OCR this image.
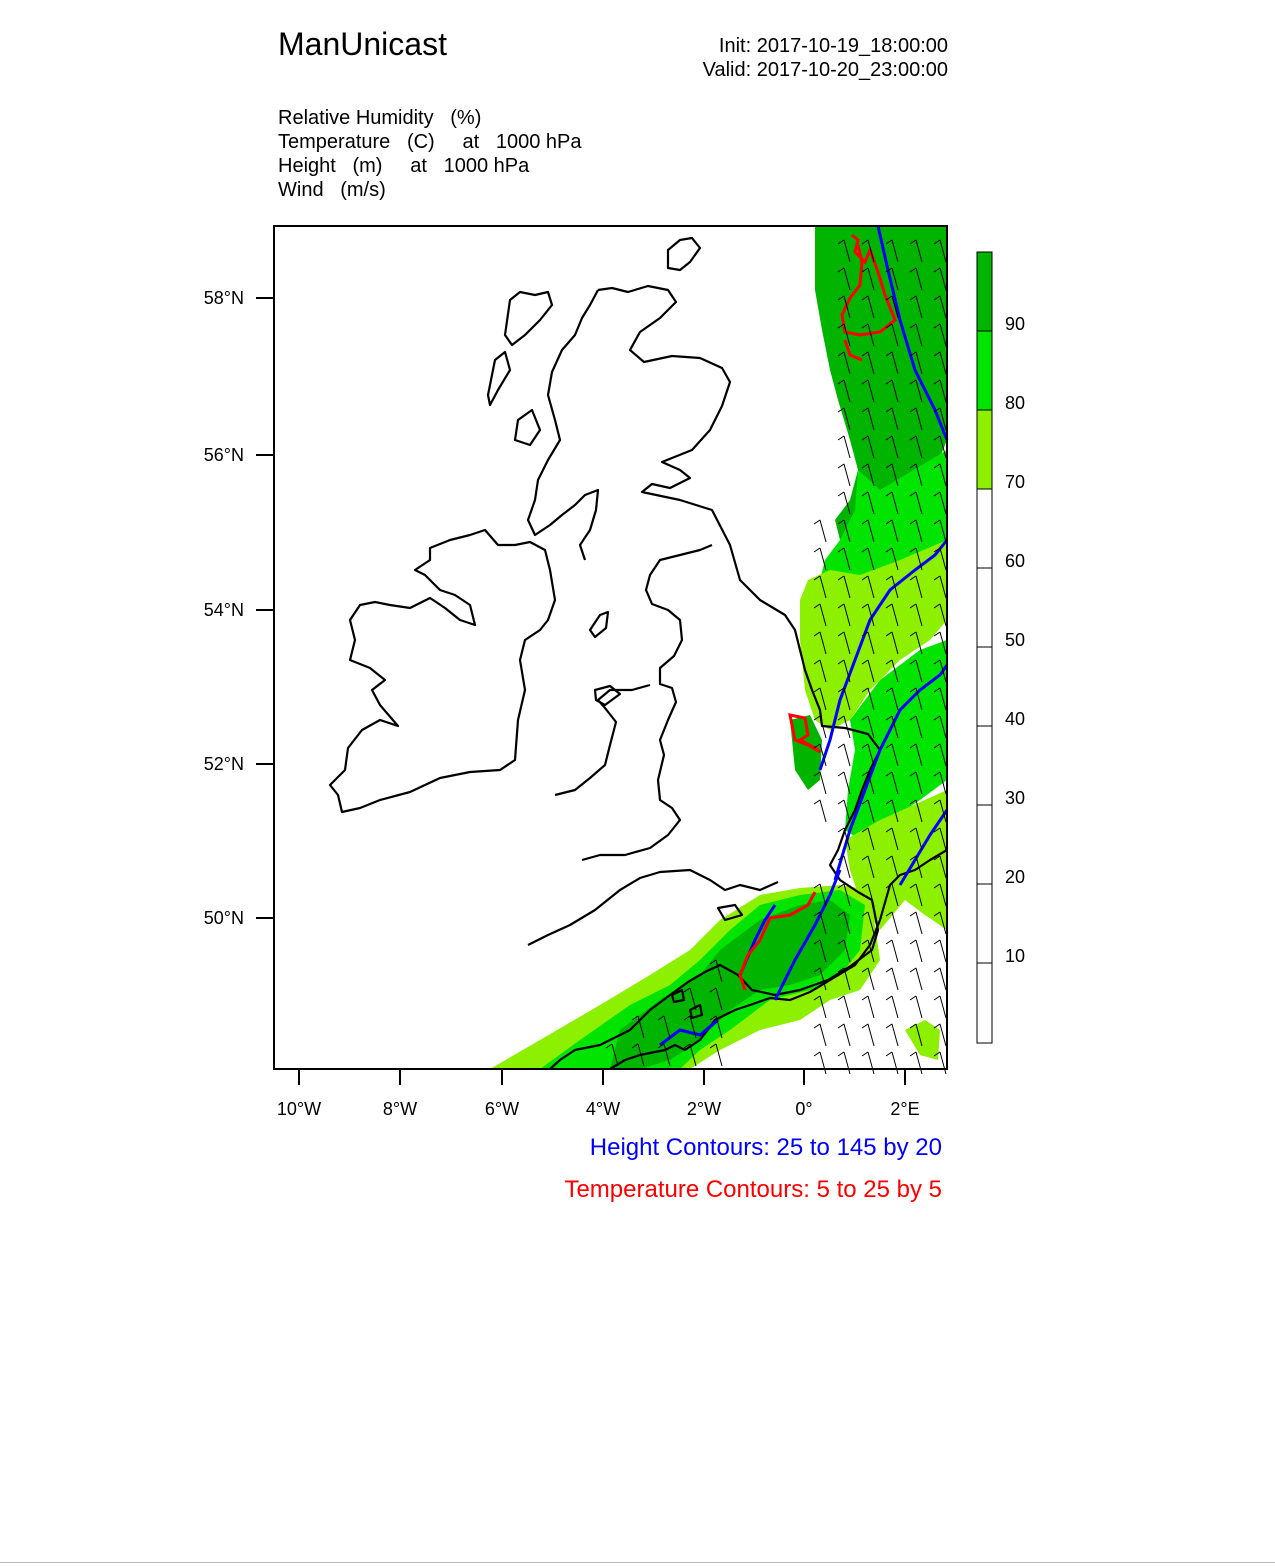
ManUnicast	Init: 2017-10-19_18:00:00
Valid: 2017-10-20_23:00:00
Relative Humidity   (%)
Temperature   (C)     at   1000 hPa
Height   (m)     at   1000 hPa
Wind   (m/s)
58°N
56°N
54°N
52°N
50°N
10°W	8°W	6°W	4°W	2°W	0°	2°E
90
80
70
60
50
40
30
20
10
Height Contours: 25 to 145 by 20
Temperature Contours: 5 to 25 by 5
